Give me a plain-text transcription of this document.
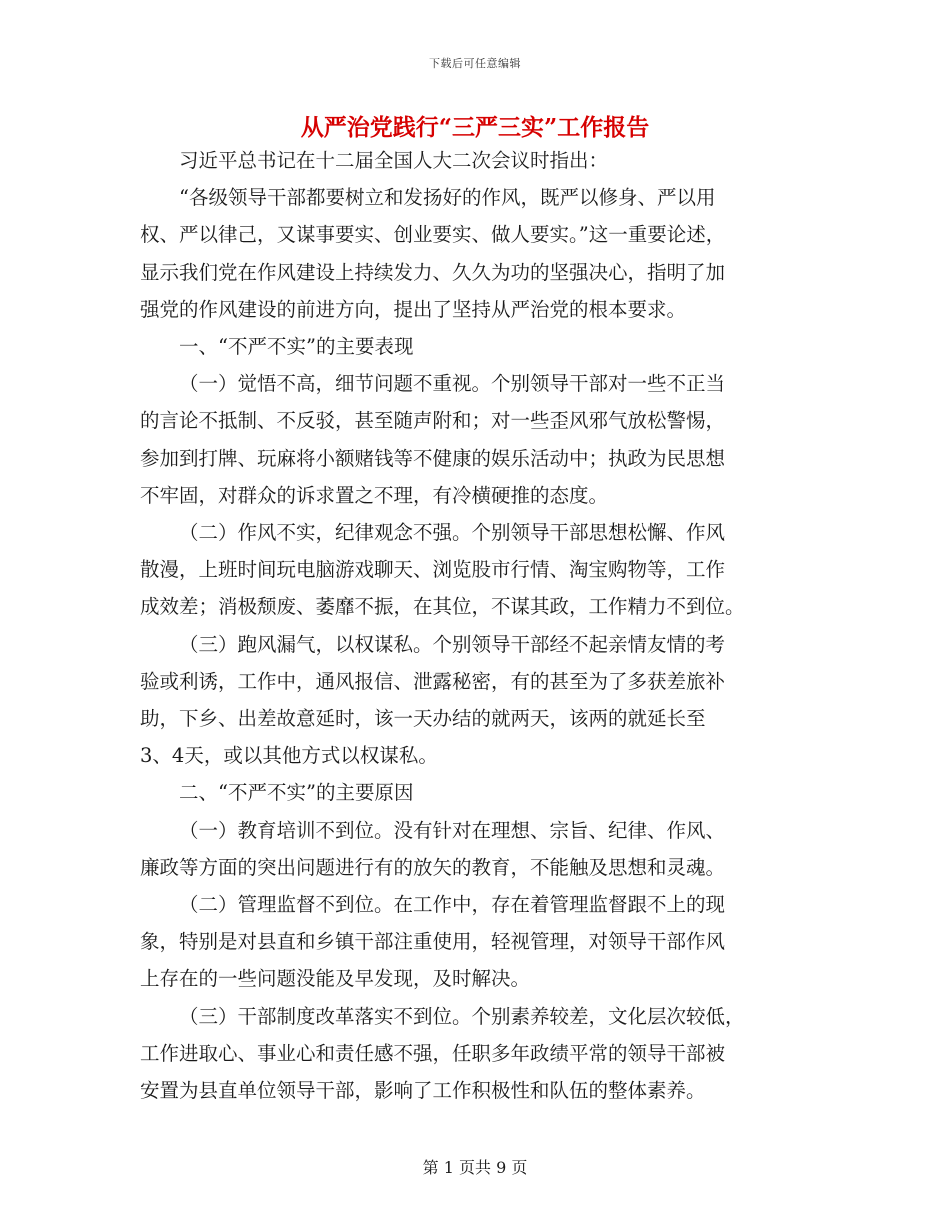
下载后可任意编辑
从严治党践行“三严三实”工作报告

习近平总书记在十二届全国人大二次会议时指出：

“各级领导干部都要树立和发扬好的作风，既严以修身、严以用
权、严以律己，又谋事要实、创业要实、做人要实。”这一重要论述，
显示我们党在作风建设上持续发力、久久为功的坚强决心，指明了加
强党的作风建设的前进方向，提出了坚持从严治党的根本要求。

一、“不严不实”的主要表现

（一）觉悟不高，细节问题不重视。个别领导干部对一些不正当
的言论不抵制、不反驳，甚至随声附和；对一些歪风邪气放松警惕，
参加到打牌、玩麻将小额赌钱等不健康的娱乐活动中；执政为民思想
不牢固，对群众的诉求置之不理，有冷横硬推的态度。

（二）作风不实，纪律观念不强。个别领导干部思想松懈、作风
散漫，上班时间玩电脑游戏聊天、浏览股市行情、淘宝购物等，工作
成效差；消极颓废、萎靡不振，在其位，不谋其政，工作精力不到位。

（三）跑风漏气，以权谋私。个别领导干部经不起亲情友情的考
验或利诱，工作中，通风报信、泄露秘密，有的甚至为了多获差旅补
助，下乡、出差故意延时，该一天办结的就两天，该两的就延长至
3、4天，或以其他方式以权谋私。

二、“不严不实”的主要原因

（一）教育培训不到位。没有针对在理想、宗旨、纪律、作风、
廉政等方面的突出问题进行有的放矢的教育，不能触及思想和灵魂。

（二）管理监督不到位。在工作中，存在着管理监督跟不上的现
象，特别是对县直和乡镇干部注重使用，轻视管理，对领导干部作风
上存在的一些问题没能及早发现，及时解决。

（三）干部制度改革落实不到位。个别素养较差，文化层次较低，
工作进取心、事业心和责任感不强，任职多年政绩平常的领导干部被
安置为县直单位领导干部，影响了工作积极性和队伍的整体素养。

第 1 页共 9 页
